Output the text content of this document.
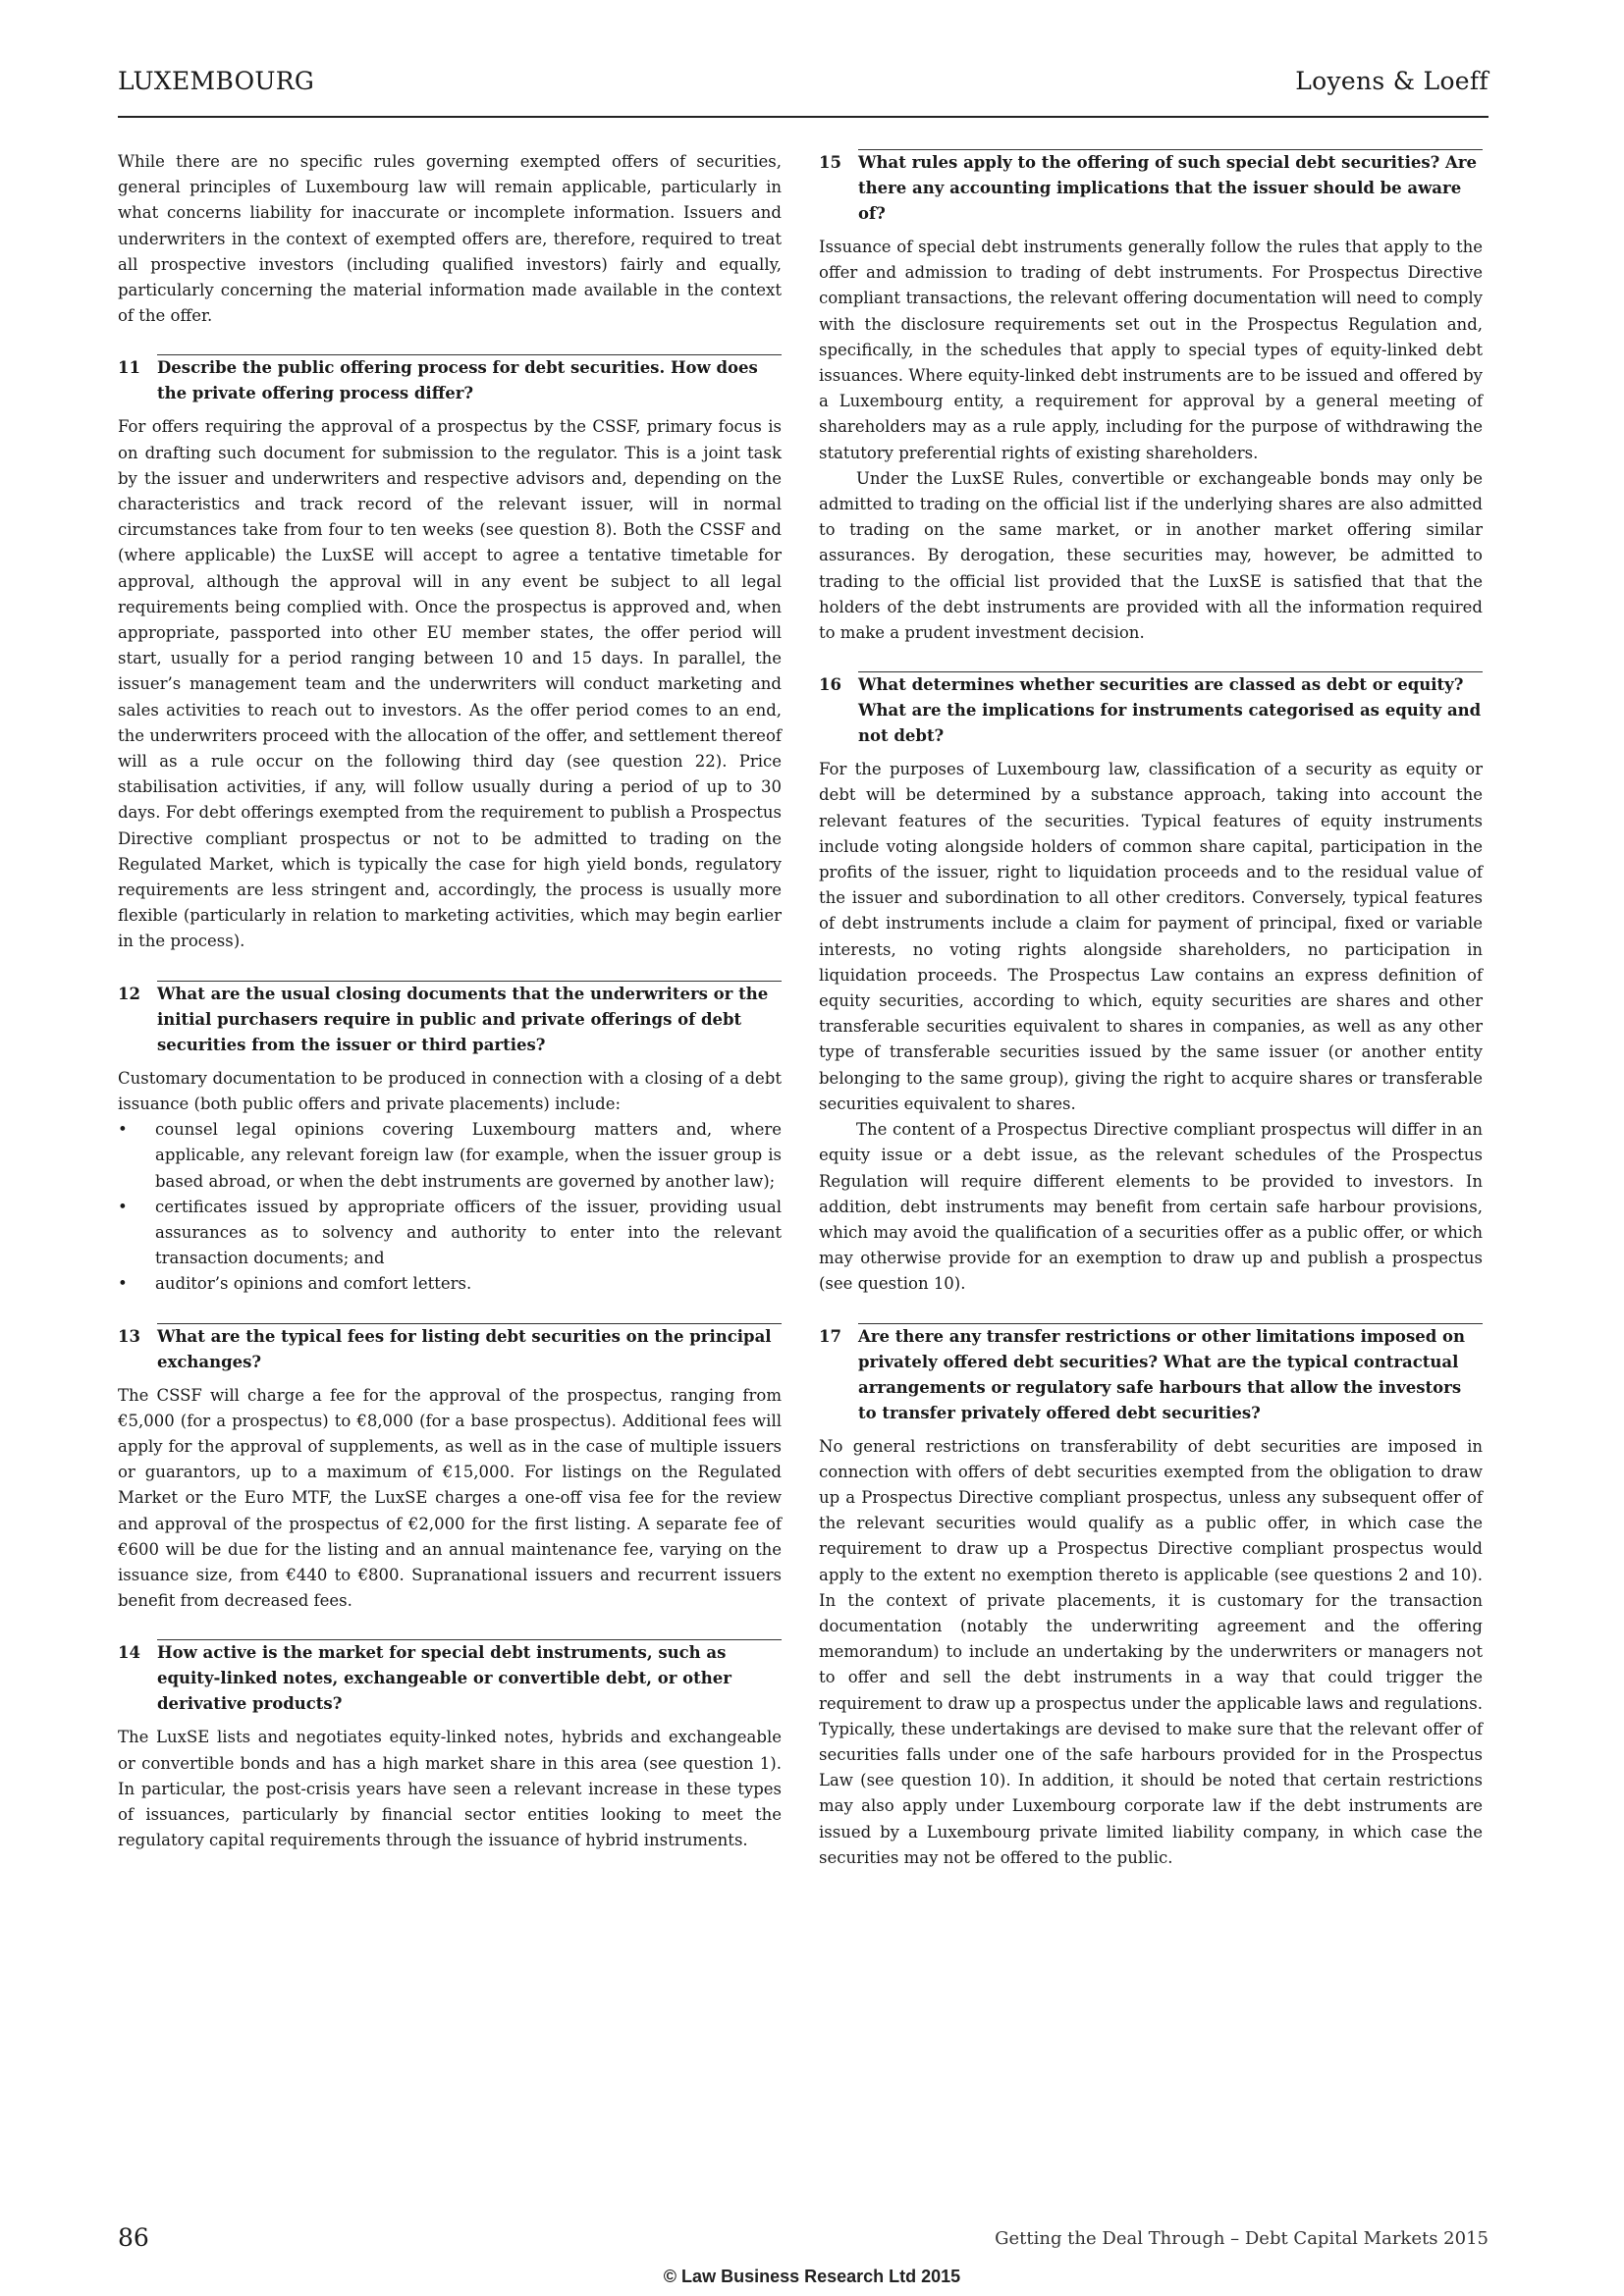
LUXEMBOURG	Loyens & Loeff

While there are no specific rules governing exempted offers of securities, general principles of Luxembourg law will remain applicable, particularly in what concerns liability for inaccurate or incomplete information. Issuers and underwriters in the context of exempted offers are, therefore, required to treat all prospective investors (including qualified investors) fairly and equally, particularly concerning the material information made available in the context of the offer.

11	Describe the public offering process for debt securities. How does the private offering process differ?

For offers requiring the approval of a prospectus by the CSSF, primary focus is on drafting such document for submission to the regulator. This is a joint task by the issuer and underwriters and respective advisors and, depending on the characteristics and track record of the relevant issuer, will in normal circumstances take from four to ten weeks (see question 8). Both the CSSF and (where applicable) the LuxSE will accept to agree a tentative timetable for approval, although the approval will in any event be subject to all legal requirements being complied with. Once the prospectus is approved and, when appropriate, passported into other EU member states, the offer period will start, usually for a period ranging between 10 and 15 days. In parallel, the issuer’s management team and the underwriters will conduct marketing and sales activities to reach out to investors. As the offer period comes to an end, the underwriters proceed with the allocation of the offer, and settlement thereof will as a rule occur on the following third day (see question 22). Price stabilisation activities, if any, will follow usually during a period of up to 30 days. For debt offerings exempted from the requirement to publish a Prospectus Directive compliant prospectus or not to be admitted to trading on the Regulated Market, which is typically the case for high yield bonds, regulatory requirements are less stringent and, accordingly, the process is usually more flexible (particularly in relation to marketing activities, which may begin earlier in the process).

12	What are the usual closing documents that the underwriters or the initial purchasers require in public and private offerings of debt securities from the issuer or third parties?

Customary documentation to be produced in connection with a closing of a debt issuance (both public offers and private placements) include:

• counsel legal opinions covering Luxembourg matters and, where applicable, any relevant foreign law (for example, when the issuer group is based abroad, or when the debt instruments are governed by another law);
• certificates issued by appropriate officers of the issuer, providing usual assurances as to solvency and authority to enter into the relevant transaction documents; and
• auditor’s opinions and comfort letters.
13	What are the typical fees for listing debt securities on the principal exchanges?

The CSSF will charge a fee for the approval of the prospectus, ranging from €5,000 (for a prospectus) to €8,000 (for a base prospectus). Additional fees will apply for the approval of supplements, as well as in the case of multiple issuers or guarantors, up to a maximum of €15,000. For listings on the Regulated Market or the Euro MTF, the LuxSE charges a one-off visa fee for the review and approval of the prospectus of €2,000 for the first listing. A separate fee of €600 will be due for the listing and an annual maintenance fee, varying on the issuance size, from €440 to €800. Supranational issuers and recurrent issuers benefit from decreased fees.

14	How active is the market for special debt instruments, such as equity-linked notes, exchangeable or convertible debt, or other derivative products?

The LuxSE lists and negotiates equity-linked notes, hybrids and exchangeable or convertible bonds and has a high market share in this area (see question 1). In particular, the post-crisis years have seen a relevant increase in these types of issuances, particularly by financial sector entities looking to meet the regulatory capital requirements through the issuance of hybrid instruments.

15	What rules apply to the offering of such special debt securities? Are there any accounting implications that the issuer should be aware of?

Issuance of special debt instruments generally follow the rules that apply to the offer and admission to trading of debt instruments. For Prospectus Directive compliant transactions, the relevant offering documentation will need to comply with the disclosure requirements set out in the Prospectus Regulation and, specifically, in the schedules that apply to special types of equity-linked debt issuances. Where equity-linked debt instruments are to be issued and offered by a Luxembourg entity, a requirement for approval by a general meeting of shareholders may as a rule apply, including for the purpose of withdrawing the statutory preferential rights of existing shareholders.

Under the LuxSE Rules, convertible or exchangeable bonds may only be admitted to trading on the official list if the underlying shares are also admitted to trading on the same market, or in another market offering similar assurances. By derogation, these securities may, however, be admitted to trading to the official list provided that the LuxSE is satisfied that that the holders of the debt instruments are provided with all the information required to make a prudent investment decision.

16	What determines whether securities are classed as debt or equity? What are the implications for instruments categorised as equity and not debt?

For the purposes of Luxembourg law, classification of a security as equity or debt will be determined by a substance approach, taking into account the relevant features of the securities. Typical features of equity instruments include voting alongside holders of common share capital, participation in the profits of the issuer, right to liquidation proceeds and to the residual value of the issuer and subordination to all other creditors. Conversely, typical features of debt instruments include a claim for payment of principal, fixed or variable interests, no voting rights alongside shareholders, no participation in liquidation proceeds. The Prospectus Law contains an express definition of equity securities, according to which, equity securities are shares and other transferable securities equivalent to shares in companies, as well as any other type of transferable securities issued by the same issuer (or another entity belonging to the same group), giving the right to acquire shares or transferable securities equivalent to shares.

The content of a Prospectus Directive compliant prospectus will differ in an equity issue or a debt issue, as the relevant schedules of the Prospectus Regulation will require different elements to be provided to investors. In addition, debt instruments may benefit from certain safe harbour provisions, which may avoid the qualification of a securities offer as a public offer, or which may otherwise provide for an exemption to draw up and publish a prospectus (see question 10).

17	Are there any transfer restrictions or other limitations imposed on privately offered debt securities? What are the typical contractual arrangements or regulatory safe harbours that allow the investors to transfer privately offered debt securities?

No general restrictions on transferability of debt securities are imposed in connection with offers of debt securities exempted from the obligation to draw up a Prospectus Directive compliant prospectus, unless any subsequent offer of the relevant securities would qualify as a public offer, in which case the requirement to draw up a Prospectus Directive compliant prospectus would apply to the extent no exemption thereto is applicable (see questions 2 and 10). In the context of private placements, it is customary for the transaction documentation (notably the underwriting agreement and the offering memorandum) to include an undertaking by the underwriters or managers not to offer and sell the debt instruments in a way that could trigger the requirement to draw up a prospectus under the applicable laws and regulations. Typically, these undertakings are devised to make sure that the relevant offer of securities falls under one of the safe harbours provided for in the Prospectus Law (see question 10). In addition, it should be noted that certain restrictions may also apply under Luxembourg corporate law if the debt instruments are issued by a Luxembourg private limited liability company, in which case the securities may not be offered to the public.

86	Getting the Deal Through – Debt Capital Markets 2015
© Law Business Research Ltd 2015
